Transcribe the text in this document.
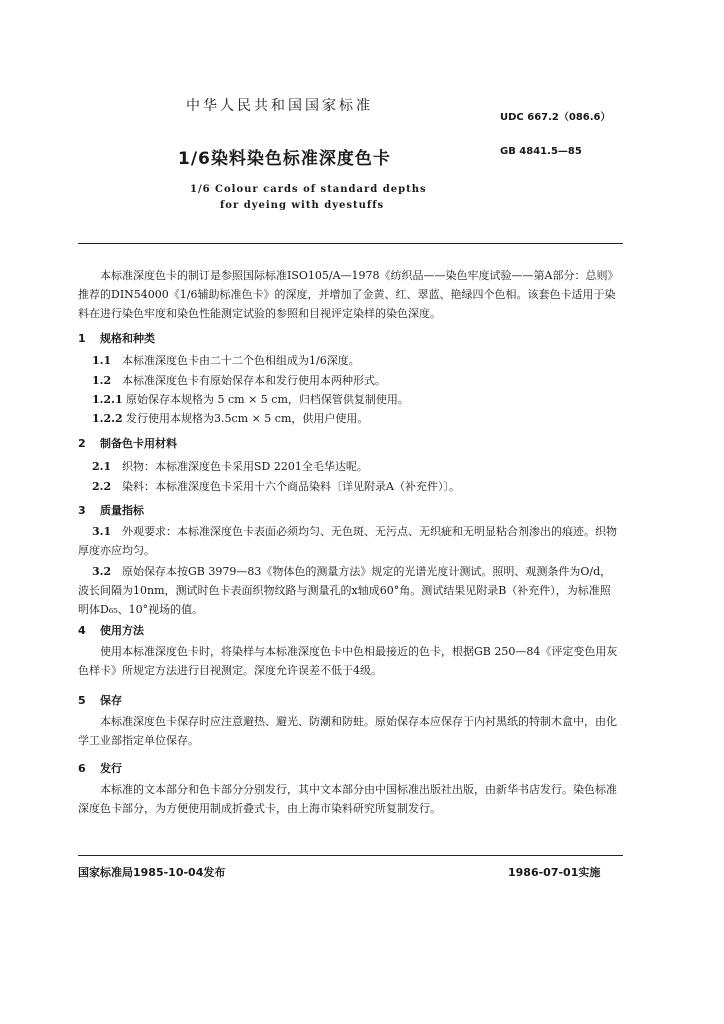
中华人民共和国国家标准
UDC 667.2（086.6）
1/6染料染色标准深度色卡	GB 4841.5—85
1/6 Colour cards of standard depths
for dyeing with dyestuffs
本标准深度色卡的制订是参照国际标准ISO105/A—1978《纺织品——染色牢度试验——第A部分：总则》推荐的DIN54000《1/6辅助标准色卡》的深度，并增加了金黄、红、翠蓝、艳绿四个色相。该套色卡适用于染料在进行染色牢度和染色性能测定试验的参照和目视评定染样的染色深度。
1 规格和种类
1.1 本标准深度色卡由二十二个色相组成为1/6深度。
1.2 本标准深度色卡有原始保存本和发行使用本两种形式。
1.2.1 原始保存本规格为 5 cm × 5 cm，归档保管供复制使用。
1.2.2 发行使用本规格为3.5cm × 5 cm，供用户使用。
2 制备色卡用材料
2.1 织物：本标准深度色卡采用SD 2201全毛华达呢。
2.2 染料：本标准深度色卡采用十六个商品染料〔详见附录A（补充件）〕。
3 质量指标
3.1 外观要求：本标准深度色卡表面必须均匀、无色斑、无污点、无织疵和无明显粘合剂渗出的痕迹。织物厚度亦应均匀。
3.2 原始保存本按GB 3979—83《物体色的测量方法》规定的光谱光度计测试。照明、观测条件为O/d，波长间隔为10nm，测试时色卡表面织物纹路与测量孔的x轴成60°角。测试结果见附录B（补充件），为标准照明体D₆₅、10°视场的值。
4 使用方法
使用本标准深度色卡时，将染样与本标准深度色卡中色相最接近的色卡，根据GB 250—84《评定变色用灰色样卡》所规定方法进行目视测定。深度允许误差不低于4级。
5 保存
本标准深度色卡保存时应注意避热、避光、防潮和防蛀。原始保存本应保存于内衬黑纸的特制木盒中，由化学工业部指定单位保存。
6 发行
本标准的文本部分和色卡部分分别发行，其中文本部分由中国标准出版社出版，由新华书店发行。染色标准深度色卡部分，为方便使用制成折叠式卡，由上海市染料研究所复制发行。
国家标准局1985-10-04发布	1986-07-01实施
